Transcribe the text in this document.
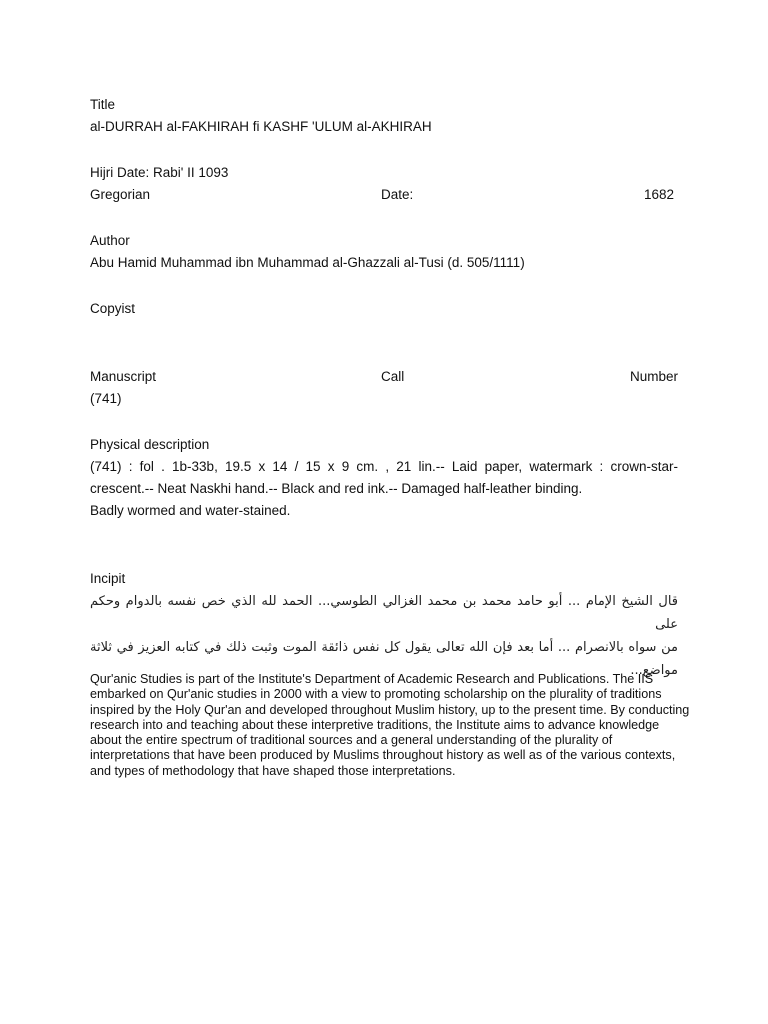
Title
al-DURRAH al-FAKHIRAH fi KASHF 'ULUM al-AKHIRAH
Hijri Date: Rabi' II 1093
Gregorian	Date:	1682
Author
Abu Hamid Muhammad ibn Muhammad al-Ghazzali al-Tusi (d. 505/1111)
Copyist
Manuscript	Call	Number
(741)
Physical description
(741) : fol . 1b-33b, 19.5 x 14 / 15 x 9 cm. , 21 lin.-- Laid paper, watermark : crown-star-
crescent.-- Neat Naskhi hand.-- Black and red ink.-- Damaged half-leather binding.
Badly wormed and water-stained.
Incipit
قال الشيخ الإمام ... أبو حامد محمد بن محمد الغزالي الطوسي... الحمد لله الذي خص نفسه بالدوام وحكم على
من سواه بالانصرام ... أما بعد فإن الله تعالى يقول كل نفس ذائقة الموت وثبت ذلك في كتابه العزيز في ثلاثة
مواضع...
Qur'anic Studies is part of the Institute's Department of Academic Research and Publications. The IIS embarked on Qur'anic studies in 2000 with a view to promoting scholarship on the plurality of traditions inspired by the Holy Qur'an and developed throughout Muslim history, up to the present time. By conducting research into and teaching about these interpretive traditions, the Institute aims to advance knowledge about the entire spectrum of traditional sources and a general understanding of the plurality of interpretations that have been produced by Muslims throughout history as well as of the various contexts, and types of methodology that have shaped those interpretations.
